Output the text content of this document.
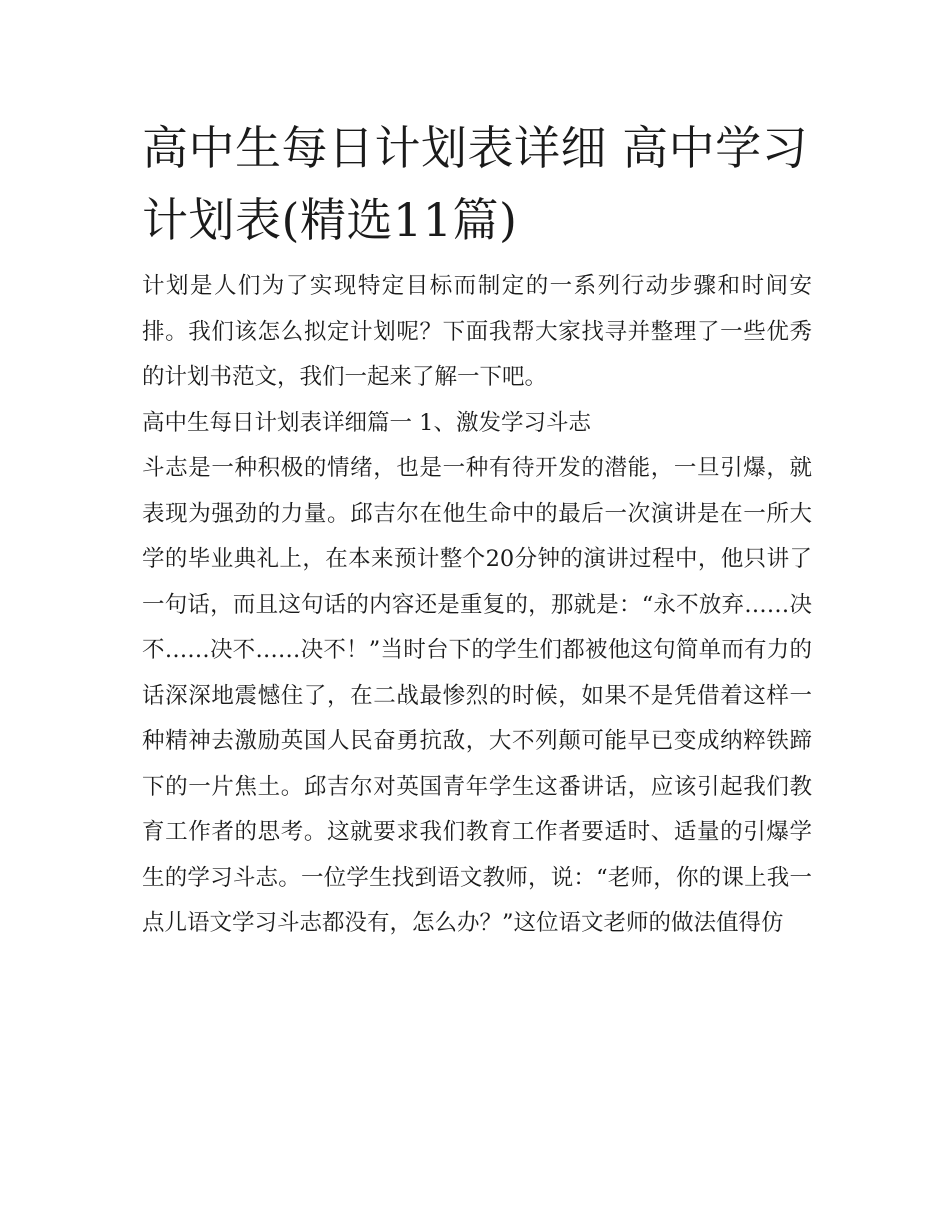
高中生每日计划表详细 高中学习计划表(精选11篇)

计划是人们为了实现特定目标而制定的一系列行动步骤和时间安排。我们该怎么拟定计划呢？下面我帮大家找寻并整理了一些优秀的计划书范文，我们一起来了解一下吧。

高中生每日计划表详细篇一 1、激发学习斗志

斗志是一种积极的情绪，也是一种有待开发的潜能，一旦引爆，就表现为强劲的力量。邱吉尔在他生命中的最后一次演讲是在一所大学的毕业典礼上，在本来预计整个20分钟的演讲过程中，他只讲了一句话，而且这句话的内容还是重复的，那就是：“永不放弃……决不……决不……决不！”当时台下的学生们都被他这句简单而有力的话深深地震憾住了，在二战最惨烈的时候，如果不是凭借着这样一种精神去激励英国人民奋勇抗敌，大不列颠可能早已变成纳粹铁蹄下的一片焦土。邱吉尔对英国青年学生这番讲话，应该引起我们教育工作者的思考。这就要求我们教育工作者要适时、适量的引爆学生的学习斗志。一位学生找到语文教师，说：“老师，你的课上我一点儿语文学习斗志都没有，怎么办？”这位语文老师的做法值得仿
